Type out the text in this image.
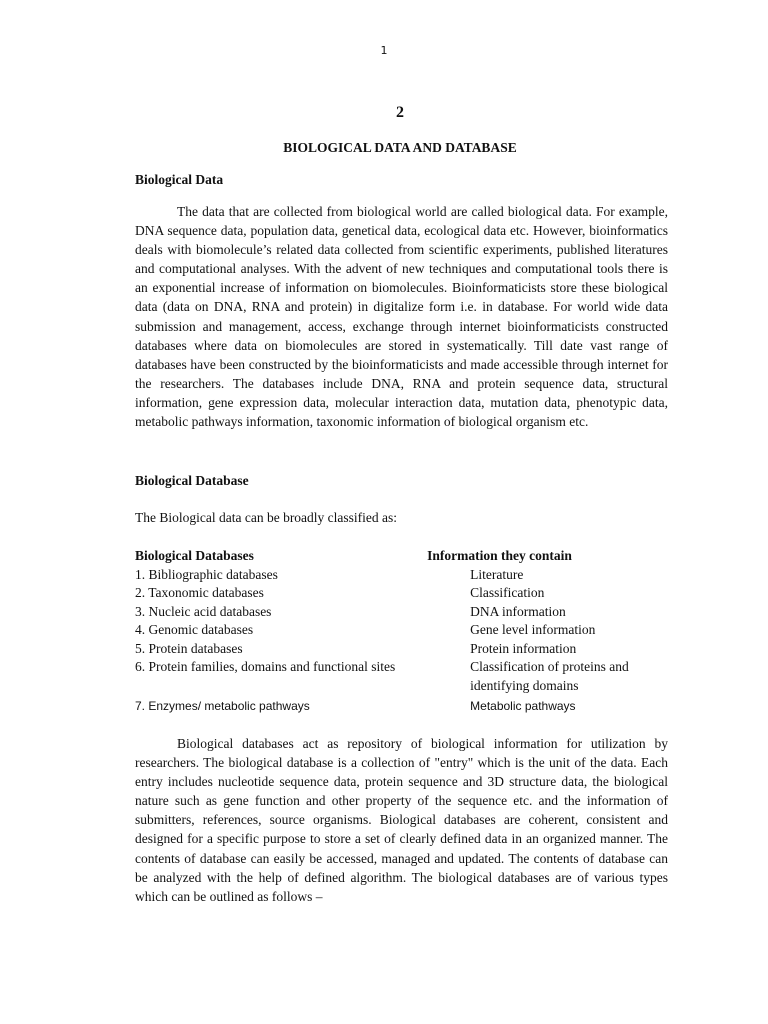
1
2
BIOLOGICAL DATA AND DATABASE
Biological Data

The data that are collected from biological world are called biological data. For example, DNA sequence data, population data, genetical data, ecological data etc. However, bioinformatics deals with biomolecule’s related data collected from scientific experiments, published literatures and computational analyses. With the advent of new techniques and computational tools there is an exponential increase of information on biomolecules. Bioinformaticists store these biological data (data on DNA, RNA and protein) in digitalize form i.e. in database. For world wide data submission and management, access, exchange through internet bioinformaticists constructed databases where data on biomolecules are stored in systematically. Till date vast range of databases have been constructed by the bioinformaticists and made accessible through internet for the researchers. The databases include DNA, RNA and protein sequence data, structural information, gene expression data, molecular interaction data, mutation data, phenotypic data, metabolic pathways information, taxonomic information of biological organism etc.

Biological Database
The Biological data can be broadly classified as:
Biological Databases	Information they contain
1. Bibliographic databases	Literature
2. Taxonomic databases	Classification
3. Nucleic acid databases	DNA information
4. Genomic databases	Gene level information
5. Protein databases	Protein information
6. Protein families, domains and functional sites	Classification of proteins and identifying domains
7. Enzymes/ metabolic pathways	Metabolic pathways

Biological databases act as repository of biological information for utilization by researchers. The biological database is a collection of "entry" which is the unit of the data. Each entry includes nucleotide sequence data, protein sequence and 3D structure data, the biological nature such as gene function and other property of the sequence etc. and the information of submitters, references, source organisms. Biological databases are coherent, consistent and designed for a specific purpose to store a set of clearly defined data in an organized manner. The contents of database can easily be accessed, managed and updated. The contents of database can be analyzed with the help of defined algorithm. The biological databases are of various types which can be outlined as follows –
